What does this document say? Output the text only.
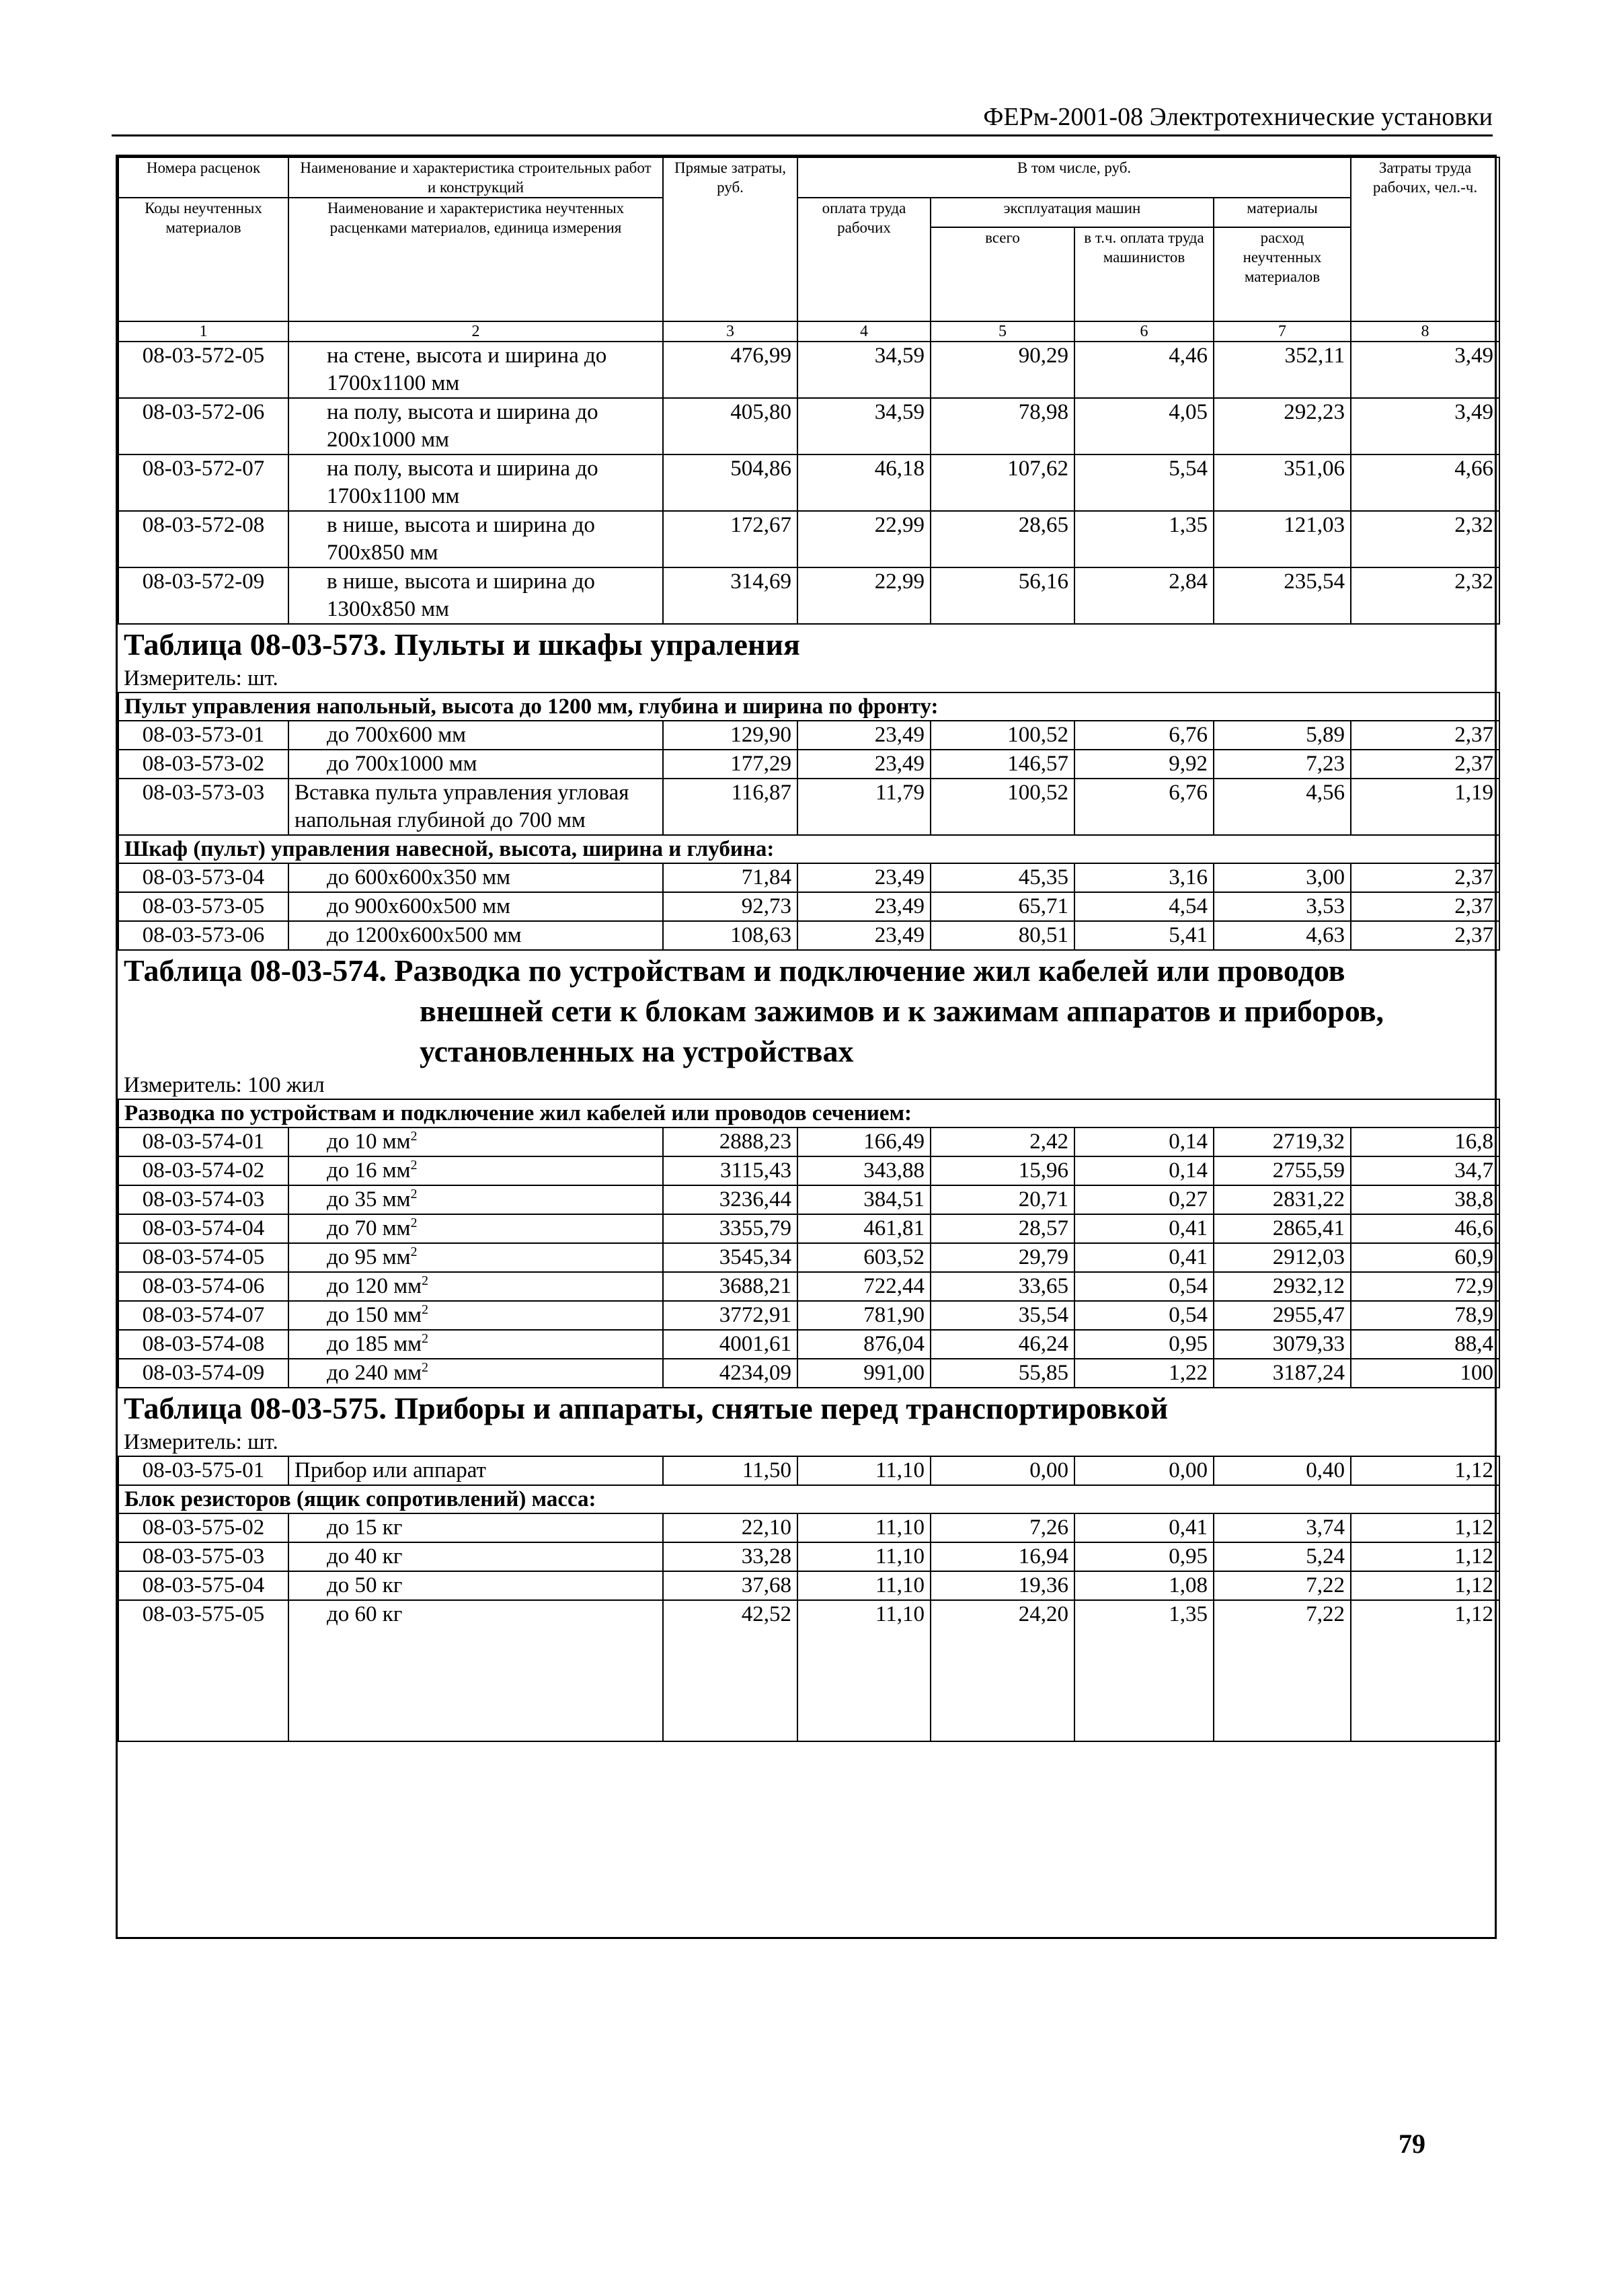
ФЕРм-2001-08 Электротехнические установки
Номера расценок	Наименование и характеристика строительных работ и конструкций	Прямые затраты, руб.	В том числе, руб.				Затраты труда рабочих, чел.-ч.
Коды неучтенных материалов	Наименование и характеристика неучтенных расценками материалов, единица измерения		оплата труда рабочих	эксплуатация машин		материалы	
				всего	в т.ч. оплата труда машинистов	расход неучтенных материалов	

1	2	3	4	5	6	7	8
08-03-572-05	на стене, высота и ширина до 1700х1100 мм	476,99	34,59	90,29	4,46	352,11	3,49
08-03-572-06	на полу, высота и ширина до 200х1000 мм	405,80	34,59	78,98	4,05	292,23	3,49
08-03-572-07	на полу, высота и ширина до 1700х1100 мм	504,86	46,18	107,62	5,54	351,06	4,66
08-03-572-08	в нише, высота и ширина до 700х850 мм	172,67	22,99	28,65	1,35	121,03	2,32
08-03-572-09	в нише, высота и ширина до 1300х850 мм	314,69	22,99	56,16	2,84	235,54	2,32
Таблица 08-03-573. Пульты и шкафы упраления							
Измеритель: шт.							
Пульт управления напольный, высота до 1200 мм, глубина и ширина по фронту:							
08-03-573-01	до 700х600 мм	129,90	23,49	100,52	6,76	5,89	2,37
08-03-573-02	до 700х1000 мм	177,29	23,49	146,57	9,92	7,23	2,37
08-03-573-03	Вставка пульта управления угловая напольная глубиной до 700 мм	116,87	11,79	100,52	6,76	4,56	1,19
Шкаф (пульт) управления навесной, высота, ширина и глубина:							
08-03-573-04	до 600х600х350 мм	71,84	23,49	45,35	3,16	3,00	2,37
08-03-573-05	до 900х600х500 мм	92,73	23,49	65,71	4,54	3,53	2,37
08-03-573-06	до 1200х600х500 мм	108,63	23,49	80,51	5,41	4,63	2,37
Таблица 08-03-574. Разводка по устройствам и подключение жил кабелей или проводов
внешней сети к блокам зажимов и к зажимам аппаратов и приборов,
установленных на устройствах							

Измеритель: 100 жил							
Разводка по устройствам и подключение жил кабелей или проводов сечением:							
08-03-574-01	до 10 $мм^2$	2888,23	166,49	2,42	0,14	2719,32	16,8
08-03-574-02	до 16 $мм^2$	3115,43	343,88	15,96	0,14	2755,59	34,7
08-03-574-03	до 35 $мм^2$	3236,44	384,51	20,71	0,27	2831,22	38,8
08-03-574-04	до 70 $мм^2$	3355,79	461,81	28,57	0,41	2865,41	46,6
08-03-574-05	до 95 $мм^2$	3545,34	603,52	29,79	0,41	2912,03	60,9
08-03-574-06	до 120 $мм^2$	3688,21	722,44	33,65	0,54	2932,12	72,9
08-03-574-07	до 150 $мм^2$	3772,91	781,90	35,54	0,54	2955,47	78,9
08-03-574-08	до 185 $мм^2$	4001,61	876,04	46,24	0,95	3079,33	88,4
08-03-574-09	до 240 $мм^2$	4234,09	991,00	55,85	1,22	3187,24	100
Таблица 08-03-575. Приборы и аппараты, снятые перед транспортировкой							
Измеритель: шт.							
08-03-575-01	Прибор или аппарат	11,50	11,10	0,00	0,00	0,40	1,12
Блок резисторов (ящик сопротивлений) масса:							
08-03-575-02	до 15 кг	22,10	11,10	7,26	0,41	3,74	1,12
08-03-575-03	до 40 кг	33,28	11,10	16,94	0,95	5,24	1,12
08-03-575-04	до 50 кг	37,68	11,10	19,36	1,08	7,22	1,12
08-03-575-05	до 60 кг	42,52	11,10	24,20	1,35	7,22	1,12
79
